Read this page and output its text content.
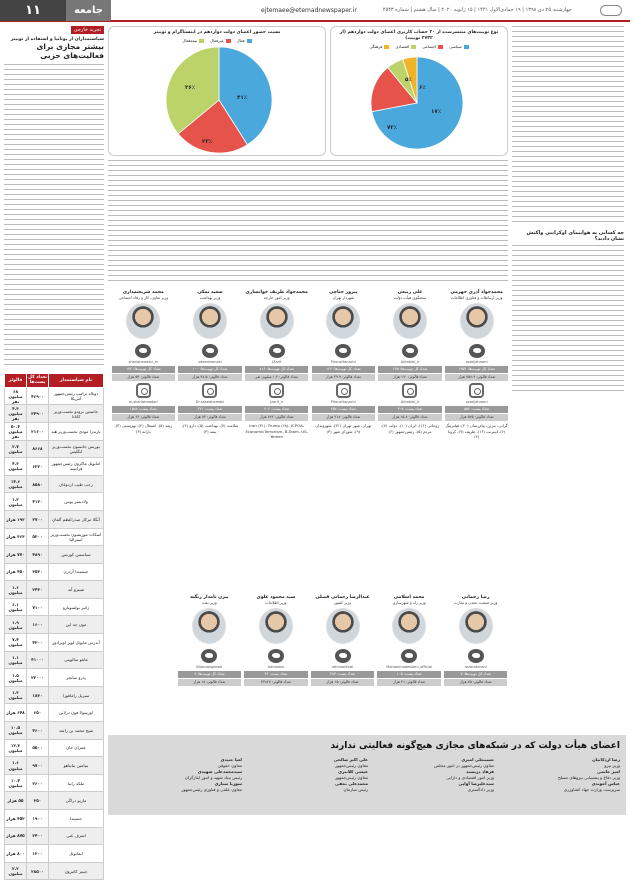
۱۱	جامعه	ejtemaee@etemadnewspaper.ir	چهارشنبه ۲۵ دی ۱۳۹۸ | ۱۹ جمادی‌الاول ۱۴۴۱ | ۱۵ ژانویه ۲۰۲۰ | سال هشتم | شماره ۴۵۴۳
تجربه خارجی
سیاستمداران از بوتانیا و استفاده از توییتر
بیشتر مجازی برای فعالیت‌های حزبی
فالوئر	تعداد کل پست‌ها	نام سیاستمدار
۶۸ میلیون نفر	۴۶۹۰۰	دونالد ترامپ رئیس‌جمهور آمریکا
۴.۳ میلیون نفر	۳۴۹۰۰	جاستین ترودو نخست‌وزیر کانادا
۵۰.۴ میلیون نفر	۲۱۶۰۰	نارندرا مودی نخست‌وزیر هند
۲.۷ میلیون	۸۶۶۸	بوریس جانسون نخست‌وزیر انگلیس
۴.۳ میلیون	۶۳۲۰	امانوئل ماکرون رئیس‌جمهور فرانسه
۱۴.۶ میلیون	۸۵۸۰	رجب طیب اردوغان
۱.۲ میلیون	۴۱۲۰	ولادیمیر پوتین
۱۹۲ هزار	۲۷۰۰	آنگلا مرکل صدراعظم آلمان
۳۶۳ هزار	۵۳۰۰	اسکات موریسون نخست‌وزیر استرالیا
۷۷۰ هزار	۴۸۹۰	سباستین کورتس
۴۵۰ هزار	۳۵۲۰	جیسیندا آردرن
۱.۶ میلیون	۲۴۳۰	شینزو آبه
۶.۱ میلیون	۷۱۰۰	ژائیر بولسونارو
۱.۹ میلیون	۱۶۰۰	مون جه این
۷.۴ میلیون	۴۳۰۰	آندرس مانوئل لوپز اوبرادور
۱.۱ میلیون	۴۱۰۰۰	ماتئو سالوینی
۱.۵ میلیون	۲۲۰۰۰	پدرو سانچز
۱.۳ میلیون	۱۸۳۰	سیریل رامافوزا
۶۴۸ هزار	۶۵۰	اورسولا فون درلاین
۱۰.۵ میلیون	۴۶۰۰	شیخ محمد بن راشد
۱۲.۳ میلیون	۵۵۰۰	عمران خان
۱.۶ میلیون	۹۷۰۰	بنیامین نتانیاهو
۱۰.۴ میلیون	۲۶۰۰	ملکه رانیا
۵۵ هزار	۳۵۰	ماریو دراگی
۴۵۲ هزار	۱۹۰۰	جسیندا
۸۷۵ هزار	۲۴۰۰	اشرف غنی
۸۰۰ هزار	۱۲۰۰	ایمانوئل
۲.۲ میلیون	۲۸۵۰۰	جیمز کامرون
نسبت حضور اعضای دولت دوازدهم در اینستاگرام و توییتر
فعال
غیرفعال
نیمه‌فعال
۴۱٪
۲۳٪
۳۶٪
نوع توییت‌های منتشرشده از ۲۰ حساب کاربری اعضای دولت دوازدهم (از ۲۷۳۲ توییت)
سیاسی
اجتماعی
اقتصادی
فرهنگی
۷۲٪
۱۷٪
۶٪
۵٪
چه کسانی به هواپیمای اوکراینی واکنش نشان دادند؟
محمدجواد آذری جهرمی
وزیر ارتباطات و فناوری اطلاعات
azarijahromi
تعداد کل توییت‌ها: ۱۹۵۴
تعداد فالوئر: ۷۵۷.۹ هزار
azarijahromi
تعداد پست: ۵۵۲
تعداد فالوئر: ۵۷۵ هزار
گرانی، بنزین، پیام‌رسان (۲۰)، فیلترینگ (۶)، اینترنت (۱۶)، ظریف (۷)، کرونا (۴)
علی ربیعی
سخنگوی هیأت دولت
Alirabiei_ir
تعداد کل توییت‌ها: ۲۷۵
تعداد فالوئر: ۱۹۰ هزار
Alirabiei_ir
تعداد پست: ۳۰۵
تعداد فالوئر: ۱۵.۸ هزار
روحانی (۱۶)، ایران (۱۰)، دولت (۷)، مردم (۵)، رئیس‌جمهور (۶)
پیروز حناچی
شهردار تهران
PirouzHanachi
تعداد کل توییت‌ها: ۱۲۶
تعداد فالوئر: ۲۹.۹ هزار
PirouzHanachi
تعداد پست: ۴۵۶
تعداد فالوئر: ۲۱۸ هزار
تهران، شهر تهران (۳۱)، شهروندان (۹)، شورای شهر (۳)
محمدجواد ظریف خوانساری
وزیر امور خارجه
JZarif
تعداد کل توییت‌ها: ۸۱۶
تعداد فالوئر: ۱.۴ میلیون نفر
Jzarif_ir
تعداد پست: ۴۰۲
تعداد فالوئر: ۷۷۲ هزار
Iran (۳۱)، Trump (۶۸)، JCPOA، EconomicTerrorism، B-Team، US، Yemen
سعید نمکی
وزیر بهداشت
saeednamaki
تعداد کل توییت‌ها: ۱۰۰
تعداد فالوئر: ۳۸.۵ هزار
Dr.saeednamaki
تعداد پست: ۲۲۱
تعداد فالوئر: ۷۴ هزار
سلامت (۷)، بهداشت (۵)، دارو (۴)، بیمه (۳)
محمد شریعتمداری
وزیر تعاون، کار و رفاه اجتماعی
shariatmadari_m
تعداد کل توییت‌ها: ۱۷۲
تعداد فالوئر: ۵۳ هزار
m.shariatmadari
تعداد پست: ۱۵۸۸
تعداد فالوئر: ۶۶ هزار
رشد (۵)، اشتغال (۴)، بهزیستی (۳)، یارانه (۳)
رضا رحمانی
وزیر صنعت، معدن و تجارت
rezarahmani
تعداد کل توییت‌ها: ۷
تعداد فالوئر: ۷۵ هزار
محمد اسلامی
وزیر راه و شهرسازی
Mohammadeslami_official
تعداد پست: ۱۰۵
تعداد فالوئر: ۲۱ هزار
عبدالرضا رحمانی فضلی
وزیر کشور
rahmanifazli
تعداد پست: ۴۸۳
تعداد فالوئر: ۱۵ هزار
سید محمود علوی
وزیر اطلاعات
Admalavi
تعداد پست: ۳۶
تعداد فالوئر: ۳۳۸۲۷
بیژن نامدار زنگنه
وزیر نفت
Bijanzanganeh
تعداد کل توییت‌ها: ۹
تعداد فالوئر: ۱۸ هزار
اعضای هیأت دولت که در شبکه‌های مجازی هیچ‌گونه فعالیتی ندارند
رضا اردکانیان
وزیر نیرو
امیر حاتمی
وزیر دفاع و پشتیبانی نیروهای مسلح
عباس آخوندی
سرپرست وزارت جهاد کشاورزی
حسینعلی امیری
معاون رئیس‌جمهور در امور مجلس
فرهاد دژپسند
وزیر امور اقتصادی و دارایی
سیدعلیرضا آوایی
وزیر دادگستری
علی اکبر صالحی
معاون رئیس‌جمهور
عیسی کلانتری
معاون رئیس‌جمهور
محمدعلی نجفی
رئیس سازمان
لعیا جنیدی
معاون حقوقی
سیدمحمدعلی شهیدی
رئیس بنیاد شهید و امور ایثارگران
سورنا ستاری
معاون علمی و فناوری رئیس‌جمهور
